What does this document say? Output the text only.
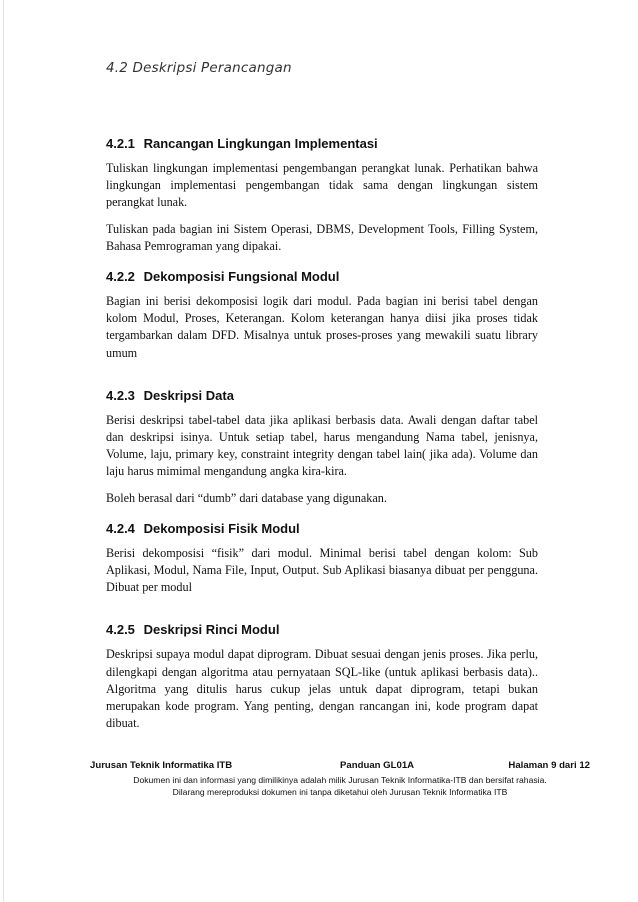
4.2 Deskripsi Perancangan
4.2.1 Rancangan Lingkungan Implementasi

Tuliskan lingkungan implementasi pengembangan perangkat lunak. Perhatikan bahwa lingkungan implementasi pengembangan tidak sama dengan lingkungan sistem perangkat lunak.

Tuliskan pada bagian ini Sistem Operasi, DBMS, Development Tools, Filling System, Bahasa Pemrograman yang dipakai.

4.2.2 Dekomposisi Fungsional Modul

Bagian ini berisi dekomposisi logik dari modul. Pada bagian ini berisi tabel dengan kolom Modul, Proses, Keterangan. Kolom keterangan hanya diisi jika proses tidak tergambarkan dalam DFD. Misalnya untuk proses-proses yang mewakili suatu library umum

4.2.3 Deskripsi Data

Berisi deskripsi tabel-tabel data jika aplikasi berbasis data. Awali dengan daftar tabel dan deskripsi isinya. Untuk setiap tabel, harus mengandung Nama tabel, jenisnya, Volume, laju, primary key, constraint integrity dengan tabel lain( jika ada). Volume dan laju harus mimimal mengandung angka kira-kira.

Boleh berasal dari “dumb” dari database yang digunakan.

4.2.4 Dekomposisi Fisik Modul

Berisi dekomposisi “fisik” dari modul. Minimal berisi tabel dengan kolom: Sub Aplikasi, Modul, Nama File, Input, Output. Sub Aplikasi biasanya dibuat per pengguna. Dibuat per modul

4.2.5 Deskripsi Rinci Modul

Deskripsi supaya modul dapat diprogram. Dibuat sesuai dengan jenis proses. Jika perlu, dilengkapi dengan algoritma atau pernyataan SQL-like (untuk aplikasi berbasis data).. Algoritma yang ditulis harus cukup jelas untuk dapat diprogram, tetapi bukan merupakan kode program. Yang penting, dengan rancangan ini, kode program dapat dibuat.

Jurusan Teknik Informatika ITB	Panduan GL01A	Halaman 9 dari 12
Dokumen ini dan informasi yang dimilikinya adalah milik Jurusan Teknik Informatika-ITB dan bersifat rahasia.
Dilarang mereproduksi dokumen ini tanpa diketahui oleh Jurusan Teknik Informatika ITB
